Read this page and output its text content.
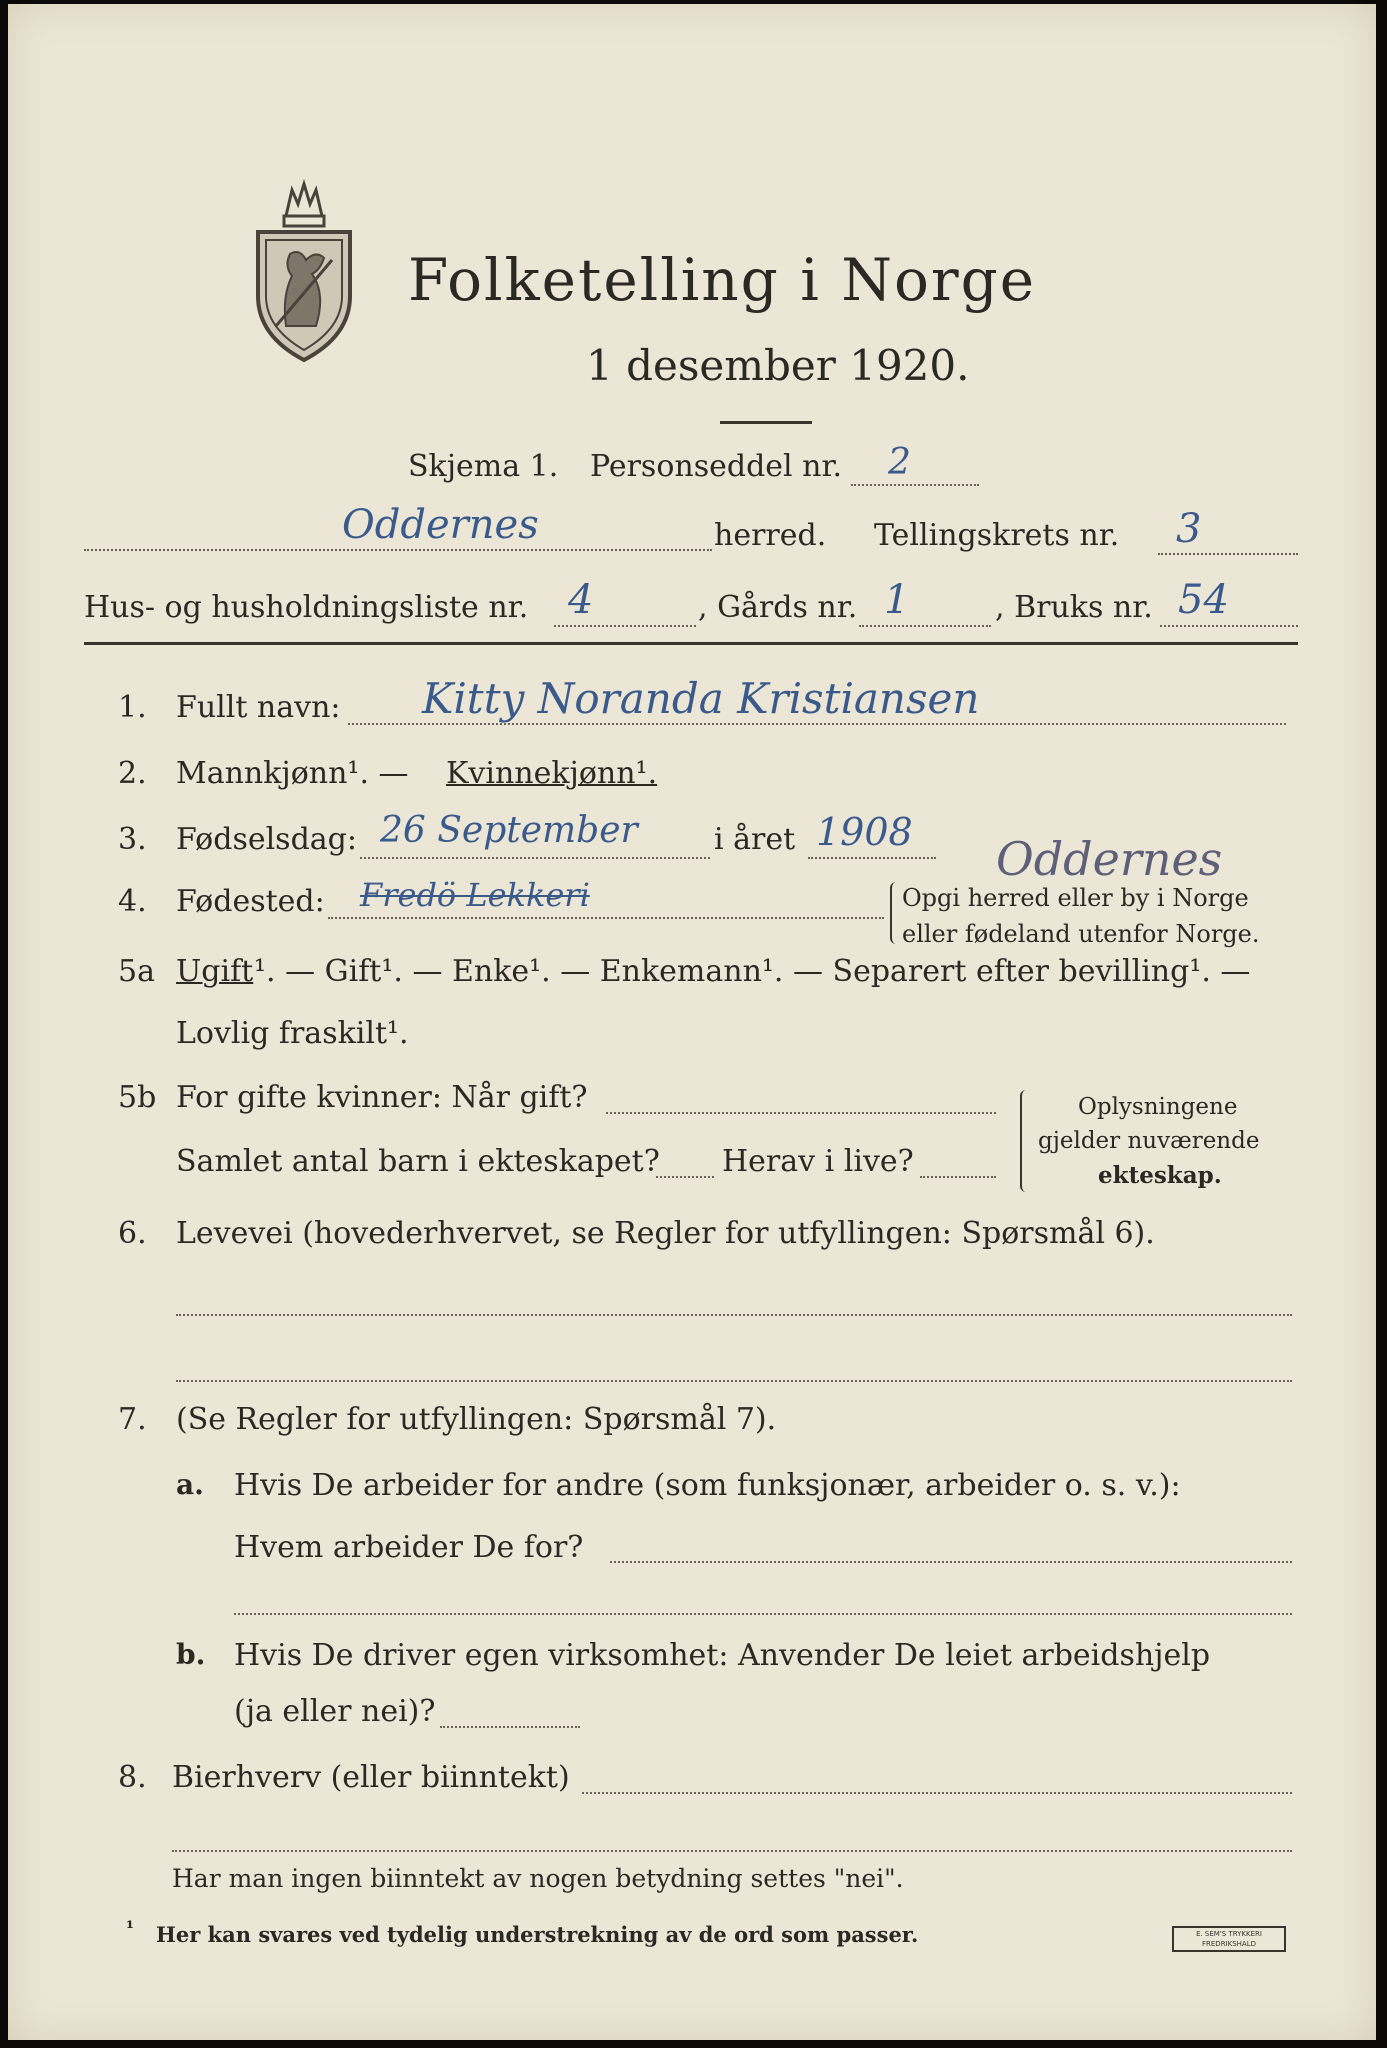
Folketelling i Norge
1 desember 1920.
Skjema 1. Personseddel nr. 2
Oddernes	herred. Tellingskrets nr. 3
Hus- og husholdningsliste nr. 4	, Gårds nr. 1	, Bruks nr. 54
1. Fullt navn: Kitty Noranda Kristiansen
2. Mannkjønn¹. — Kvinnekjønn¹.
3. Fødselsdag: 26 September	i året 1908 Oddernes
4. Fødested: Fredö Lekkeri	Opgi herred eller by i Norge
eller fødeland utenfor Norge.
5a Ugift ¹. — Gift¹. — Enke¹. — Enkemann¹. — Separert efter bevilling¹. —
Lovlig fraskilt¹.
5b For gifte kvinner: Når gift?
Samlet antal barn i ekteskapet? Herav i live?
Oplysningene
gjelder nuværende
ekteskap.
6. Levevei (hovederhvervet, se Regler for utfyllingen: Spørsmål 6).
7. (Se Regler for utfyllingen: Spørsmål 7).
a. Hvis De arbeider for andre (som funksjonær, arbeider o. s. v.):
Hvem arbeider De for?
b. Hvis De driver egen virksomhet: Anvender De leiet arbeidshjelp
(ja eller nei)?
8. Bierhverv (eller biinntekt)
Har man ingen biinntekt av nogen betydning settes "nei".
¹ Her kan svares ved tydelig understrekning av de ord som passer.	E. SEM'S TRYKKERI FREDRIKSHALD
